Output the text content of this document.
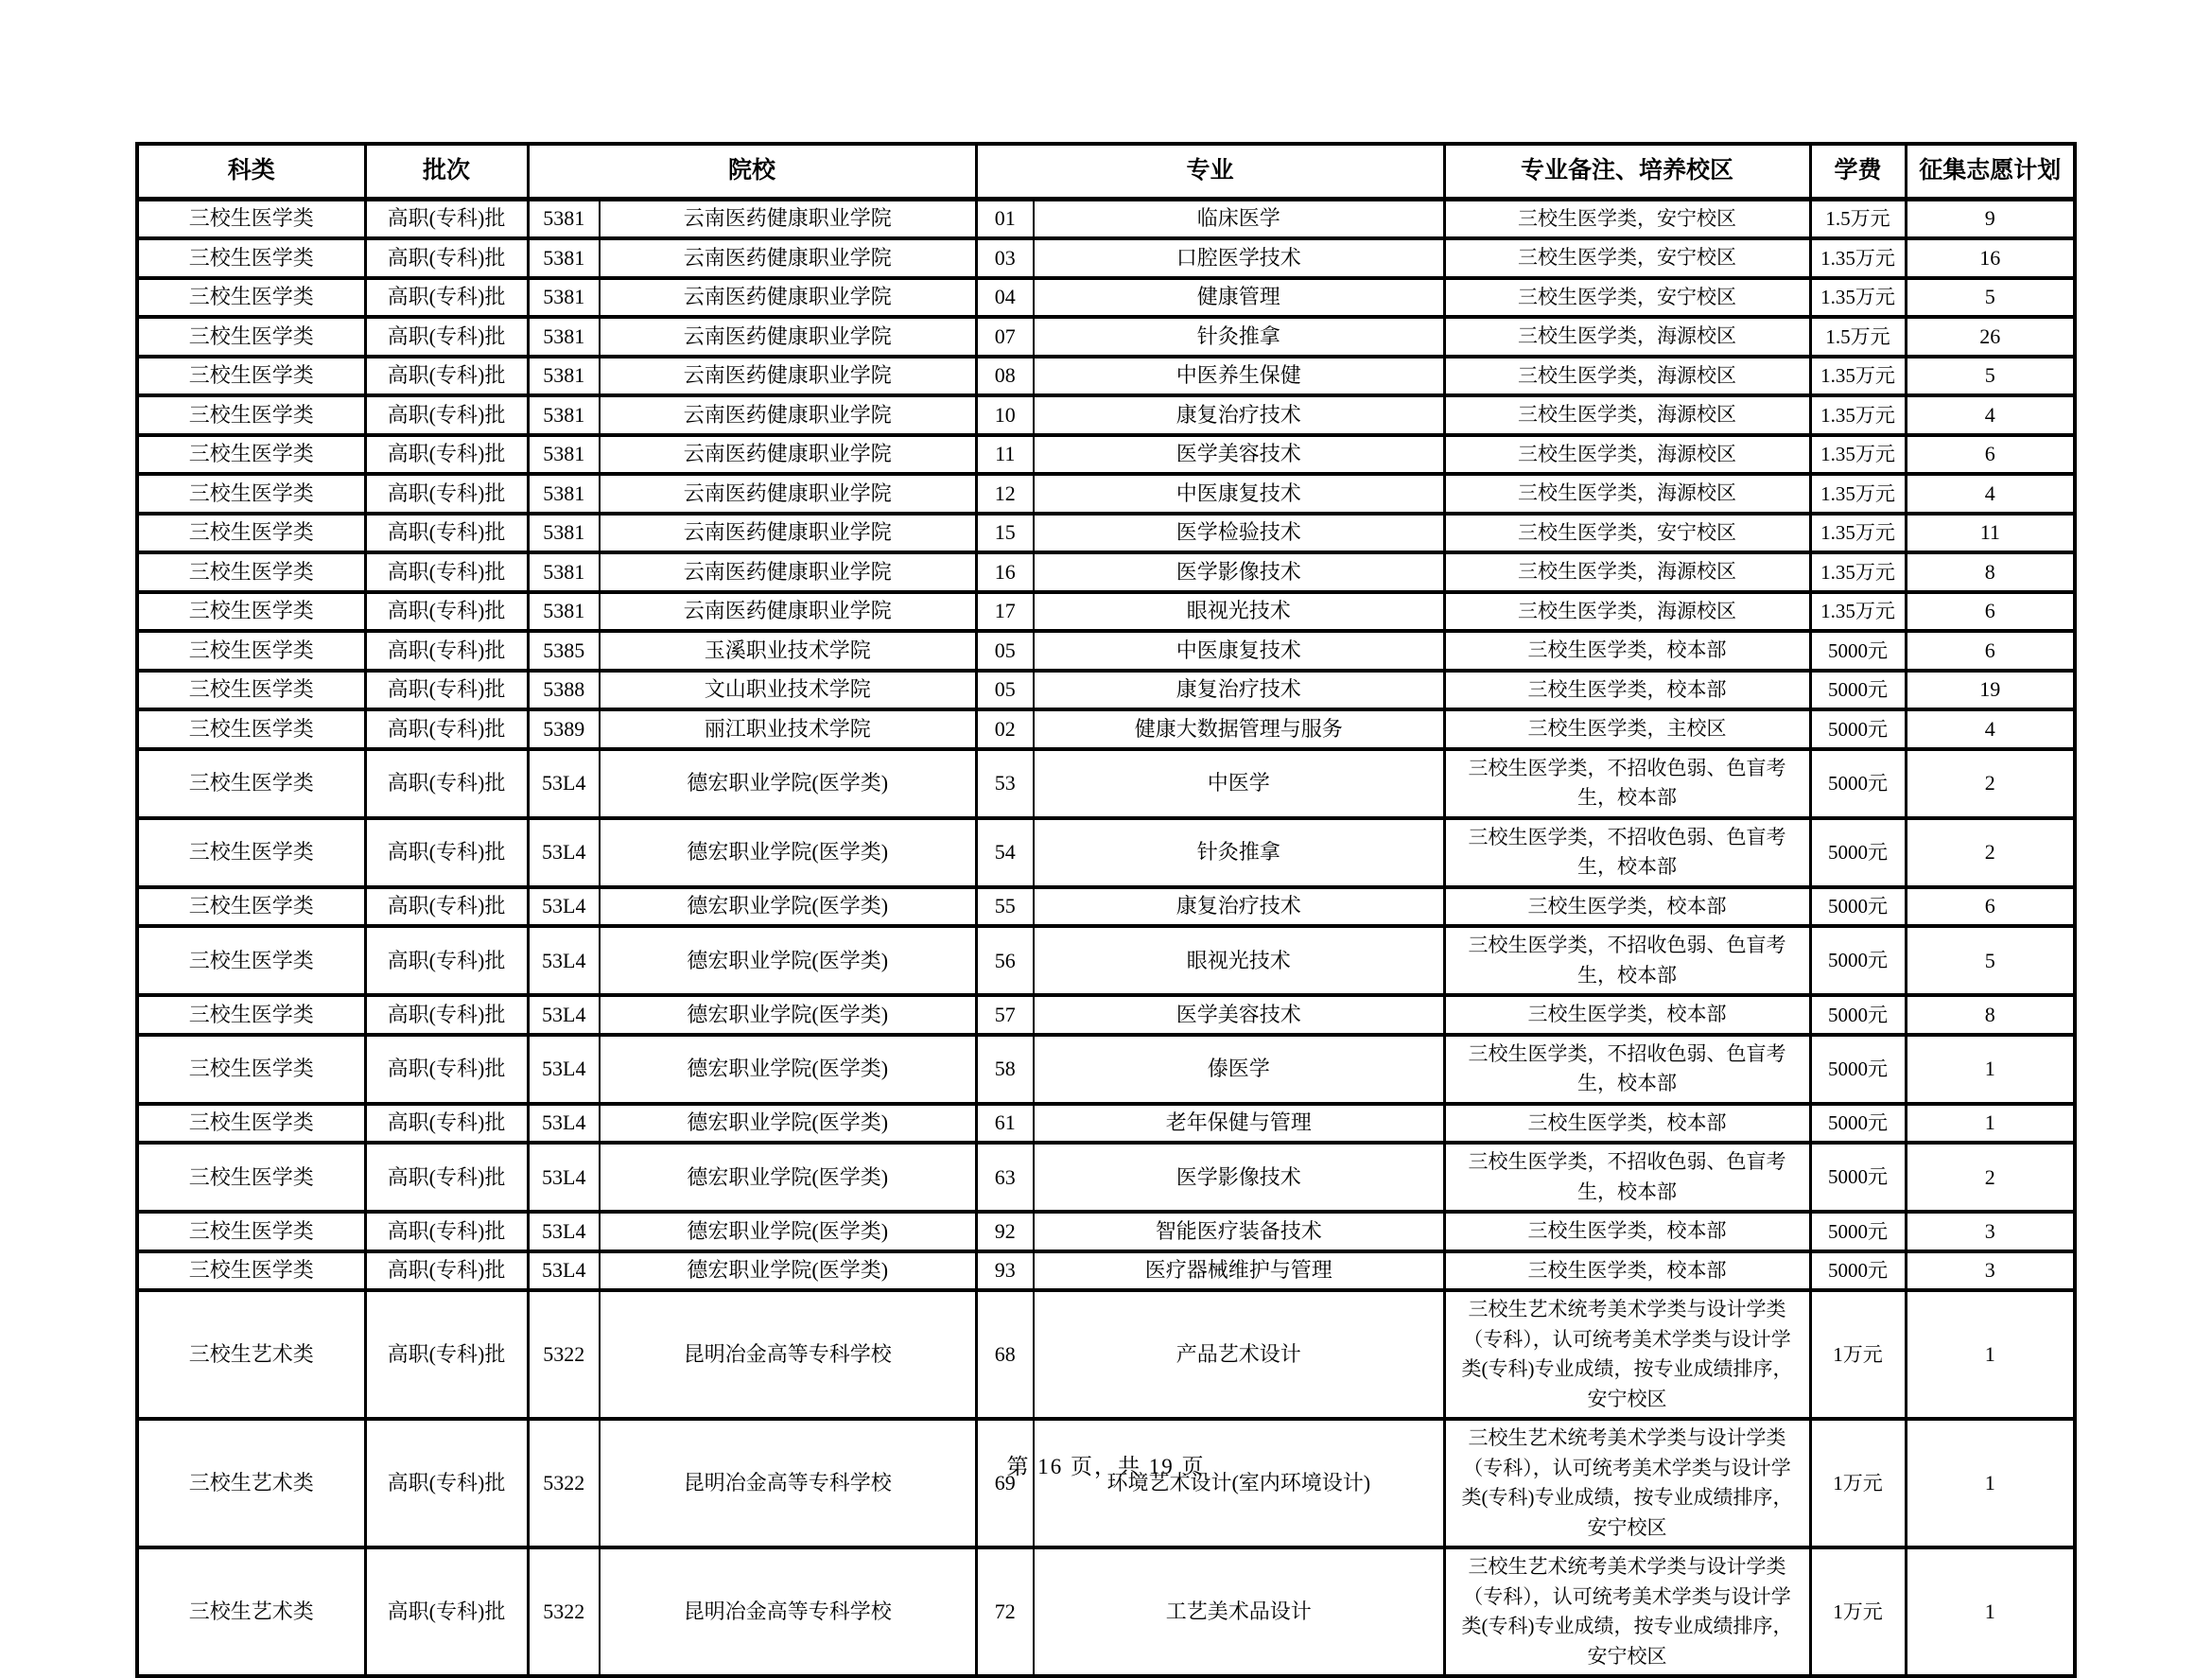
科类	批次	院校		专业		专业备注、培养校区	学费	征集志愿计划
三校生医学类	高职(专科)批	5381	云南医药健康职业学院	01	临床医学	三校生医学类，安宁校区	1.5万元	9
三校生医学类	高职(专科)批	5381	云南医药健康职业学院	03	口腔医学技术	三校生医学类，安宁校区	1.35万元	16
三校生医学类	高职(专科)批	5381	云南医药健康职业学院	04	健康管理	三校生医学类，安宁校区	1.35万元	5
三校生医学类	高职(专科)批	5381	云南医药健康职业学院	07	针灸推拿	三校生医学类，海源校区	1.5万元	26
三校生医学类	高职(专科)批	5381	云南医药健康职业学院	08	中医养生保健	三校生医学类，海源校区	1.35万元	5
三校生医学类	高职(专科)批	5381	云南医药健康职业学院	10	康复治疗技术	三校生医学类，海源校区	1.35万元	4
三校生医学类	高职(专科)批	5381	云南医药健康职业学院	11	医学美容技术	三校生医学类，海源校区	1.35万元	6
三校生医学类	高职(专科)批	5381	云南医药健康职业学院	12	中医康复技术	三校生医学类，海源校区	1.35万元	4
三校生医学类	高职(专科)批	5381	云南医药健康职业学院	15	医学检验技术	三校生医学类，安宁校区	1.35万元	11
三校生医学类	高职(专科)批	5381	云南医药健康职业学院	16	医学影像技术	三校生医学类，海源校区	1.35万元	8
三校生医学类	高职(专科)批	5381	云南医药健康职业学院	17	眼视光技术	三校生医学类，海源校区	1.35万元	6
三校生医学类	高职(专科)批	5385	玉溪职业技术学院	05	中医康复技术	三校生医学类，校本部	5000元	6
三校生医学类	高职(专科)批	5388	文山职业技术学院	05	康复治疗技术	三校生医学类，校本部	5000元	19
三校生医学类	高职(专科)批	5389	丽江职业技术学院	02	健康大数据管理与服务	三校生医学类，主校区	5000元	4
三校生医学类	高职(专科)批	53L4	德宏职业学院(医学类)	53	中医学	三校生医学类，不招收色弱、色盲考生，校本部	5000元	2
三校生医学类	高职(专科)批	53L4	德宏职业学院(医学类)	54	针灸推拿	三校生医学类，不招收色弱、色盲考生，校本部	5000元	2
三校生医学类	高职(专科)批	53L4	德宏职业学院(医学类)	55	康复治疗技术	三校生医学类，校本部	5000元	6
三校生医学类	高职(专科)批	53L4	德宏职业学院(医学类)	56	眼视光技术	三校生医学类，不招收色弱、色盲考生，校本部	5000元	5
三校生医学类	高职(专科)批	53L4	德宏职业学院(医学类)	57	医学美容技术	三校生医学类，校本部	5000元	8
三校生医学类	高职(专科)批	53L4	德宏职业学院(医学类)	58	傣医学	三校生医学类，不招收色弱、色盲考生，校本部	5000元	1
三校生医学类	高职(专科)批	53L4	德宏职业学院(医学类)	61	老年保健与管理	三校生医学类，校本部	5000元	1
三校生医学类	高职(专科)批	53L4	德宏职业学院(医学类)	63	医学影像技术	三校生医学类，不招收色弱、色盲考生，校本部	5000元	2
三校生医学类	高职(专科)批	53L4	德宏职业学院(医学类)	92	智能医疗装备技术	三校生医学类，校本部	5000元	3
三校生医学类	高职(专科)批	53L4	德宏职业学院(医学类)	93	医疗器械维护与管理	三校生医学类，校本部	5000元	3
三校生艺术类	高职(专科)批	5322	昆明冶金高等专科学校	68	产品艺术设计	三校生艺术统考美术学类与设计学类（专科），认可统考美术学类与设计学类(专科)专业成绩，按专业成绩排序，安宁校区	1万元	1
三校生艺术类	高职(专科)批	5322	昆明冶金高等专科学校	69	环境艺术设计(室内环境设计)	三校生艺术统考美术学类与设计学类（专科），认可统考美术学类与设计学类(专科)专业成绩，按专业成绩排序，安宁校区	1万元	1
三校生艺术类	高职(专科)批	5322	昆明冶金高等专科学校	72	工艺美术品设计	三校生艺术统考美术学类与设计学类（专科），认可统考美术学类与设计学类(专科)专业成绩，按专业成绩排序，安宁校区	1万元	1
第 16 页，共 19 页
